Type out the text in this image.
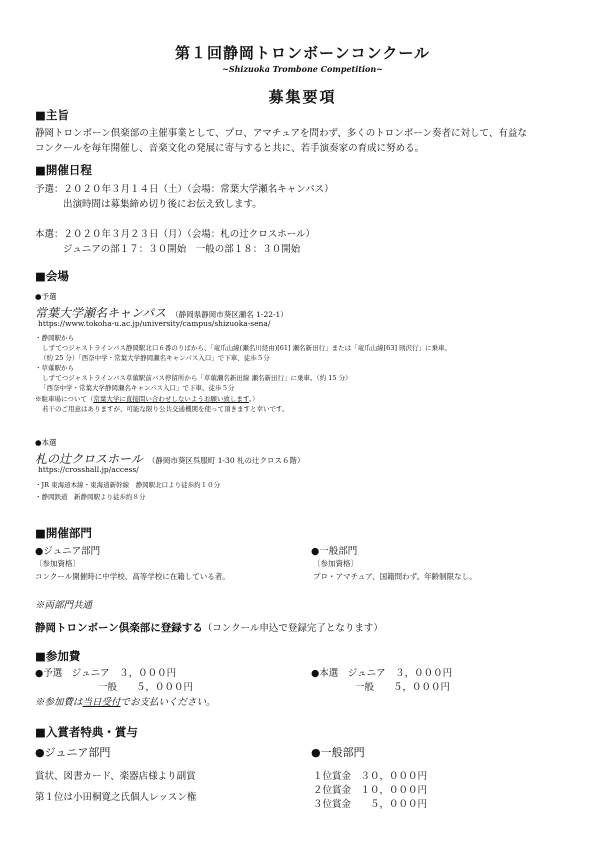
第１回静岡トロンボーンコンクール
~Shizuoka Trombone Competition~
募集要項
■主旨
静岡トロンボーン倶楽部の主催事業として、プロ、アマチュアを問わず、多くのトロンボーン奏者に対して、有益な
コンクールを毎年開催し、音楽文化の発展に寄与すると共に、若手演奏家の育成に努める。
■開催日程
予選：２０２０年３月１４日（土）（会場：常葉大学瀬名キャンパス）
出演時間は募集締め切り後にお伝え致します。
本選：２０２０年３月２３日（月）（会場：札の辻クロスホール）
ジュニアの部１７：３０開始　一般の部１８：３０開始
■会場
●予選
常葉大学瀬名キャンパス （静岡県静岡市葵区瀬名 1-22-1）
https://www.tokoha-u.ac.jp/university/campus/shizuoka-sena/
・静岡駅から
しずてつジャストラインバス静岡駅北口６番のりばから、「竜爪山線(瀬名川経由)[61] 瀬名新田行」または「竜爪山線[63] 則沢行」に乗車。
（約 25 分）「西奈中学・常葉大学静岡瀬名キャンパス入口」で下車、徒歩５分
・草薙駅から
しずてつジャストラインバス草薙駅前バス停留所から「草薙瀬名新田線 瀬名新田行」に乗車。（約 15 分）
「西奈中学・常葉大学静岡瀬名キャンパス入口」で下車、徒歩５分
※駐車場について（常葉大学に直接問い合わせしないようお願い致します。）
若干のご用意はありますが、可能な限り公共交通機関を使って頂きますと幸いです。
●本選
札の辻クロスホール （静岡市葵区呉服町 1-30 札の辻クロス６階）
https://crosshall.jp/access/
・JR 東海道本線・東海道新幹線　静岡駅北口より徒歩約１０分
・静岡鉄道　新静岡駅より徒歩約８分
■開催部門
●ジュニア部門
〔参加資格〕
コンクール開催時に中学校、高等学校に在籍している者。
●一般部門
〔参加資格〕
プロ・アマチュア、国籍問わず。年齢制限なし。
※両部門共通
静岡トロンボーン倶楽部に登録する（コンクール申込で登録完了となります）
■参加費
●予選　ジュニア　３，０００円
一般　　５，０００円
●本選　ジュニア　３，０００円
一般　　５，０００円
※参加費は当日受付でお支払いください。
■入賞者特典・賞与
●ジュニア部門
賞状、図書カード、楽器店様より副賞
第１位は小田桐寛之氏個人レッスン権
●一般部門
１位賞金　３０，０００円
２位賞金　１０，０００円
３位賞金　　５，０００円
